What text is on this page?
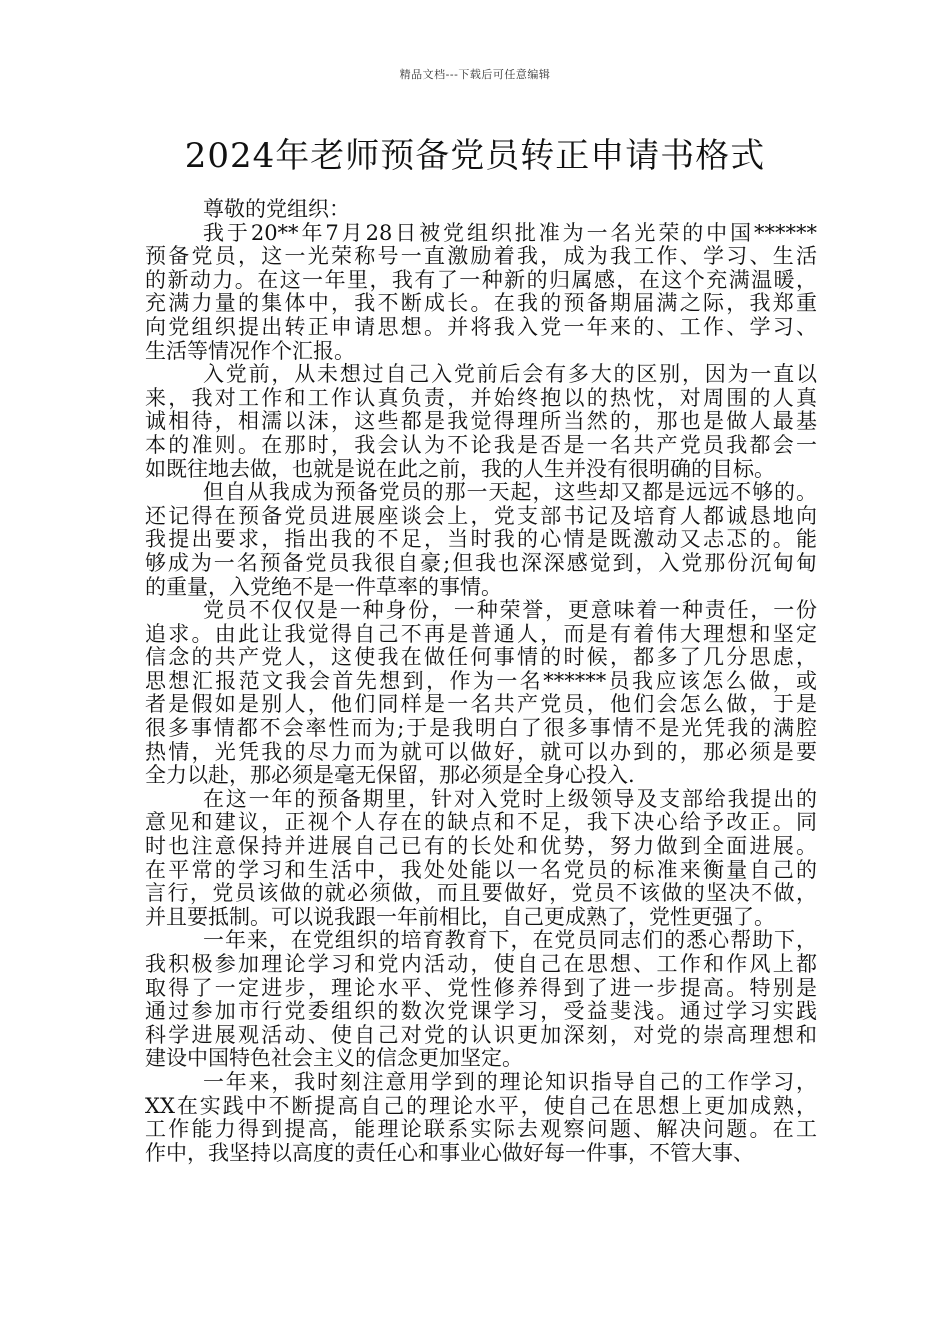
精品文档---下载后可任意编辑
2024年老师预备党员转正申请书格式
尊敬的党组织：
我于20**年7月28日被党组织批准为一名光荣的中国******
预备党员，这一光荣称号一直激励着我，成为我工作、学习、生活
的新动力。在这一年里，我有了一种新的归属感，在这个充满温暖，
充满力量的集体中，我不断成长。在我的预备期届满之际，我郑重
向党组织提出转正申请思想。并将我入党一年来的、工作、学习、
生活等情况作个汇报。
入党前，从未想过自己入党前后会有多大的区别，因为一直以
来，我对工作和工作认真负责，并始终抱以的热忱，对周围的人真
诚相待，相濡以沫，这些都是我觉得理所当然的，那也是做人最基
本的准则。在那时，我会认为不论我是否是一名共产党员我都会一
如既往地去做，也就是说在此之前，我的人生并没有很明确的目标。
但自从我成为预备党员的那一天起，这些却又都是远远不够的。
还记得在预备党员进展座谈会上，党支部书记及培育人都诚恳地向
我提出要求，指出我的不足，当时我的心情是既激动又忐忑的。能
够成为一名预备党员我很自豪;但我也深深感觉到，入党那份沉甸甸
的重量，入党绝不是一件草率的事情。
党员不仅仅是一种身份，一种荣誉，更意味着一种责任，一份
追求。由此让我觉得自己不再是普通人，而是有着伟大理想和坚定
信念的共产党人，这使我在做任何事情的时候，都多了几分思虑，
思想汇报范文我会首先想到，作为一名******员我应该怎么做，或
者是假如是别人，他们同样是一名共产党员，他们会怎么做，于是
很多事情都不会率性而为;于是我明白了很多事情不是光凭我的满腔
热情，光凭我的尽力而为就可以做好，就可以办到的，那必须是要
全力以赴，那必须是毫无保留，那必须是全身心投入.
在这一年的预备期里，针对入党时上级领导及支部给我提出的
意见和建议，正视个人存在的缺点和不足，我下决心给予改正。同
时也注意保持并进展自己已有的长处和优势，努力做到全面进展。
在平常的学习和生活中，我处处能以一名党员的标准来衡量自己的
言行，党员该做的就必须做，而且要做好，党员不该做的坚决不做，
并且要抵制。可以说我跟一年前相比，自己更成熟了，党性更强了。
一年来，在党组织的培育教育下，在党员同志们的悉心帮助下，
我积极参加理论学习和党内活动，使自己在思想、工作和作风上都
取得了一定进步，理论水平、党性修养得到了进一步提高。特别是
通过参加市行党委组织的数次党课学习，受益斐浅。通过学习实践
科学进展观活动、使自己对党的认识更加深刻，对党的崇高理想和
建设中国特色社会主义的信念更加坚定。
一年来，我时刻注意用学到的理论知识指导自己的工作学习，
XX在实践中不断提高自己的理论水平，使自己在思想上更加成熟，
工作能力得到提高，能理论联系实际去观察问题、解决问题。在工
作中，我坚持以高度的责任心和事业心做好每一件事，不管大事、
